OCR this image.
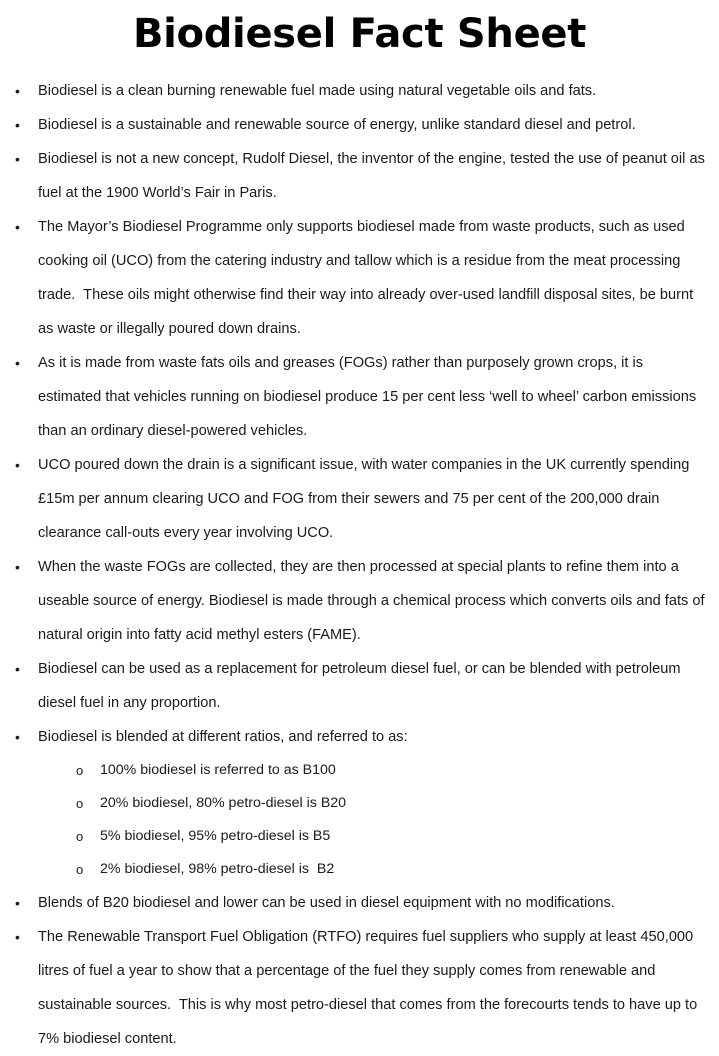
Biodiesel Fact Sheet
• Biodiesel is a clean burning renewable fuel made using natural vegetable oils and fats.
• Biodiesel is a sustainable and renewable source of energy, unlike standard diesel and petrol.
• Biodiesel is not a new concept, Rudolf Diesel, the inventor of the engine, tested the use of peanut oil as fuel at the 1900 World’s Fair in Paris.
• The Mayor’s Biodiesel Programme only supports biodiesel made from waste products, such as used cooking oil (UCO) from the catering industry and tallow which is a residue from the meat processing trade.  These oils might otherwise find their way into already over-used landfill disposal sites, be burnt as waste or illegally poured down drains.
• As it is made from waste fats oils and greases (FOGs) rather than purposely grown crops, it is estimated that vehicles running on biodiesel produce 15 per cent less ‘well to wheel’ carbon emissions than an ordinary diesel-powered vehicles.
• UCO poured down the drain is a significant issue, with water companies in the UK currently spending £15m per annum clearing UCO and FOG from their sewers and 75 per cent of the 200,000 drain clearance call-outs every year involving UCO.
• When the waste FOGs are collected, they are then processed at special plants to refine them into a useable source of energy. Biodiesel is made through a chemical process which converts oils and fats of natural origin into fatty acid methyl esters (FAME).
• Biodiesel can be used as a replacement for petroleum diesel fuel, or can be blended with petroleum diesel fuel in any proportion.
• Biodiesel is blended at different ratios, and referred to as:
o 100% biodiesel is referred to as B100
o 20% biodiesel, 80% petro-diesel is B20
o 5% biodiesel, 95% petro-diesel is B5
o 2% biodiesel, 98% petro-diesel is  B2
• Blends of B20 biodiesel and lower can be used in diesel equipment with no modifications.
• The Renewable Transport Fuel Obligation (RTFO) requires fuel suppliers who supply at least 450,000 litres of fuel a year to show that a percentage of the fuel they supply comes from renewable and sustainable sources.  This is why most petro-diesel that comes from the forecourts tends to have up to 7% biodiesel content.
